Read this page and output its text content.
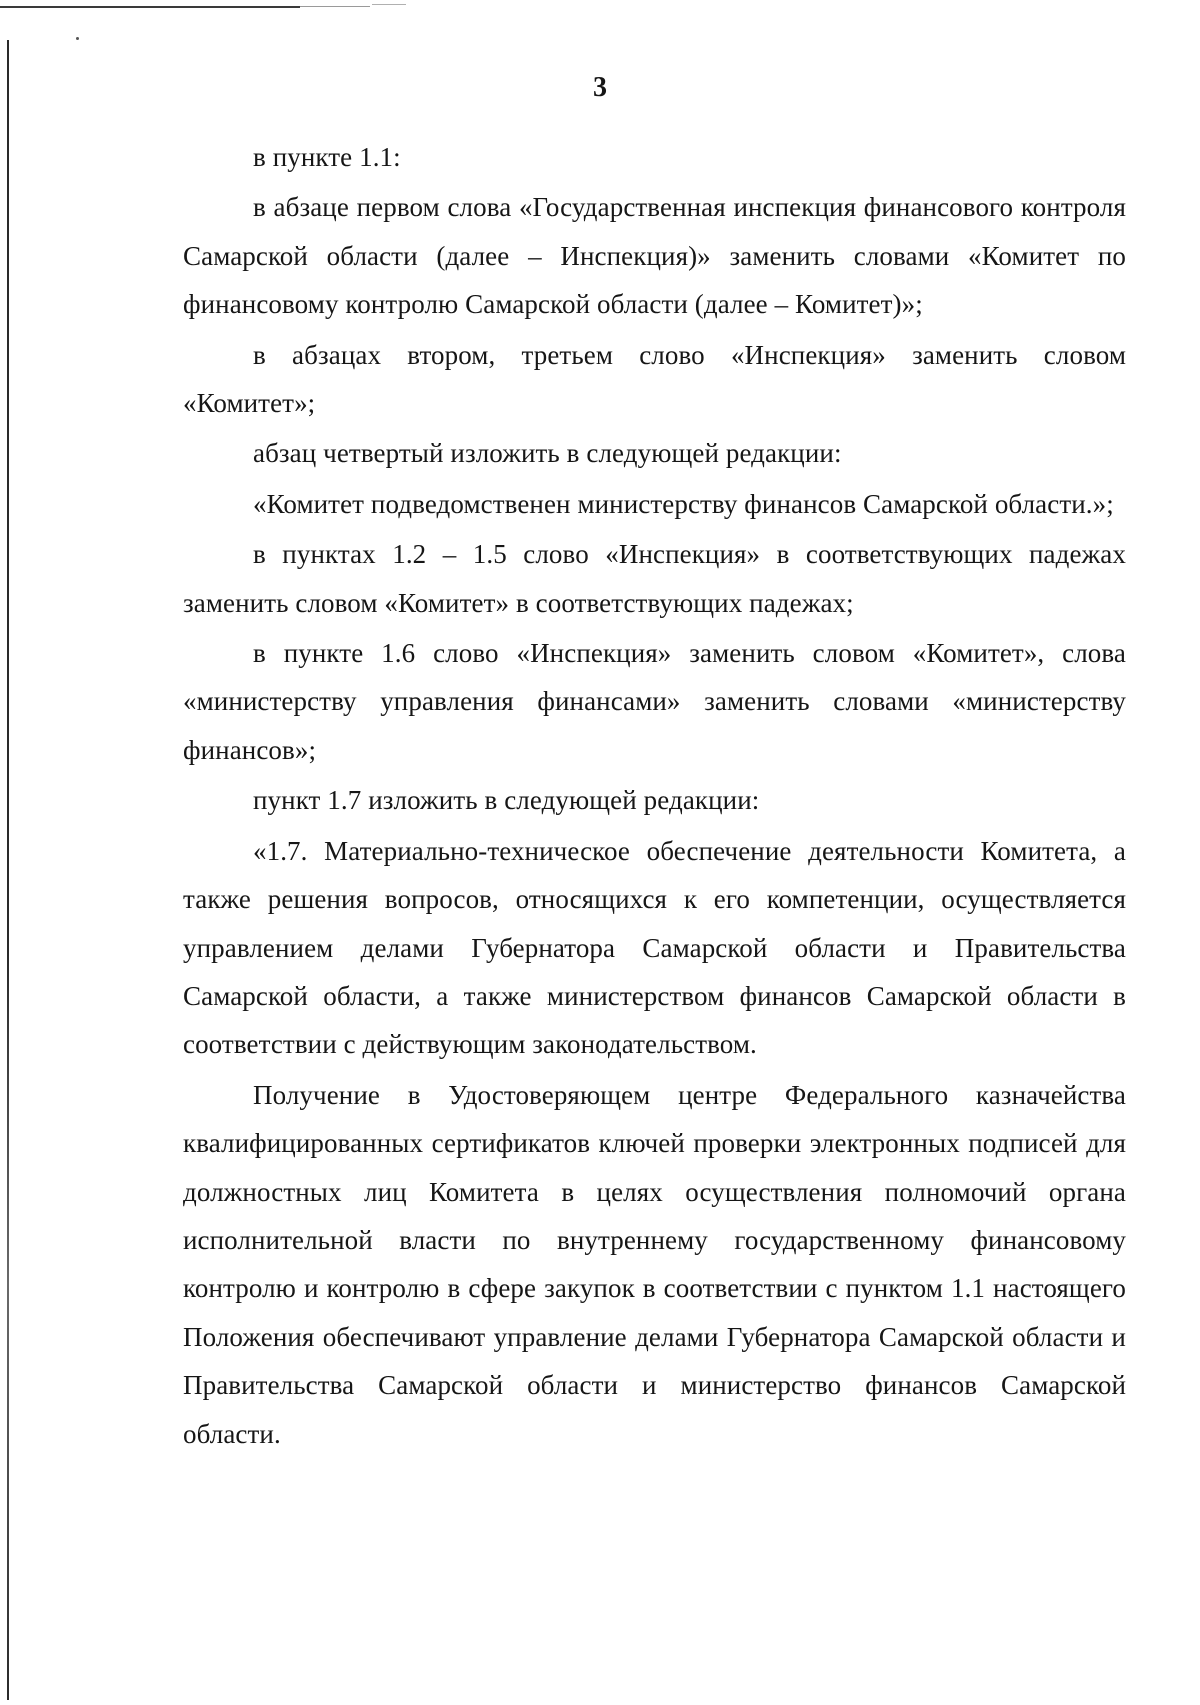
3

в пункте 1.1:

в абзаце первом слова «Государственная инспекция финансового контроля Самарской области (далее – Инспекция)» заменить словами «Комитет по финансовому контролю Самарской области (далее – Комитет)»;

в абзацах втором, третьем слово «Инспекция» заменить словом «Комитет»;

абзац четвертый изложить в следующей редакции:

«Комитет подведомственен министерству финансов Самарской области.»;

в пунктах 1.2 – 1.5 слово «Инспекция» в соответствующих падежах заменить словом «Комитет» в соответствующих падежах;

в пункте 1.6 слово «Инспекция» заменить словом «Комитет», слова «министерству управления финансами» заменить словами «министерству финансов»;

пункт 1.7 изложить в следующей редакции:

«1.7. Материально-техническое обеспечение деятельности Комитета, а также решения вопросов, относящихся к его компетенции, осуществляется управлением делами Губернатора Самарской области и Правительства Самарской области, а также министерством финансов Самарской области в соответствии с действующим законодательством.

Получение в Удостоверяющем центре Федерального казначейства квалифицированных сертификатов ключей проверки электронных подписей для должностных лиц Комитета в целях осуществления полномочий органа исполнительной власти по внутреннему государственному финансовому контролю и контролю в сфере закупок в соответствии с пунктом 1.1 настоящего Положения обеспечивают управление делами Губернатора Самарской области и Правительства Самарской области и министерство финансов Самарской области.
